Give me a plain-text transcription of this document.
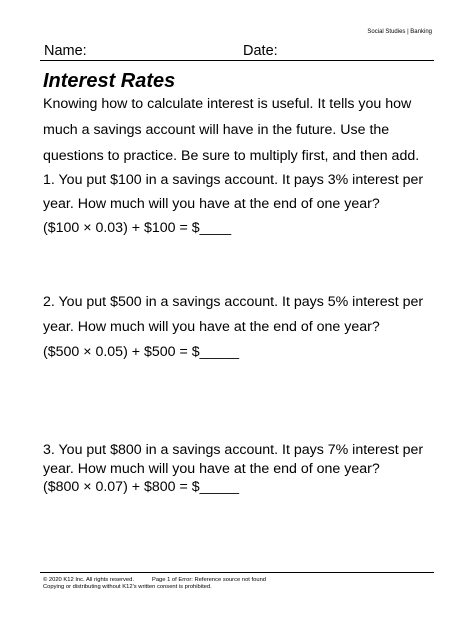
Social Studies | Banking
Name:	Date:
Interest Rates
Knowing how to calculate interest is useful. It tells you how
much a savings account will have in the future. Use the
questions to practice. Be sure to multiply first, and then add.
1. You put $100 in a savings account. It pays 3% interest per
year. How much will you have at the end of one year?
($100 × 0.03) + $100 = $____
2. You put $500 in a savings account. It pays 5% interest per
year. How much will you have at the end of one year?
($500 × 0.05) + $500 = $_____
3. You put $800 in a savings account. It pays 7% interest per
year. How much will you have at the end of one year?
($800 × 0.07) + $800 = $_____
© 2020 K12 Inc. All rights reserved.	Page 1 of Error: Reference source not found
Copying or distributing without K12’s written consent is prohibited.
